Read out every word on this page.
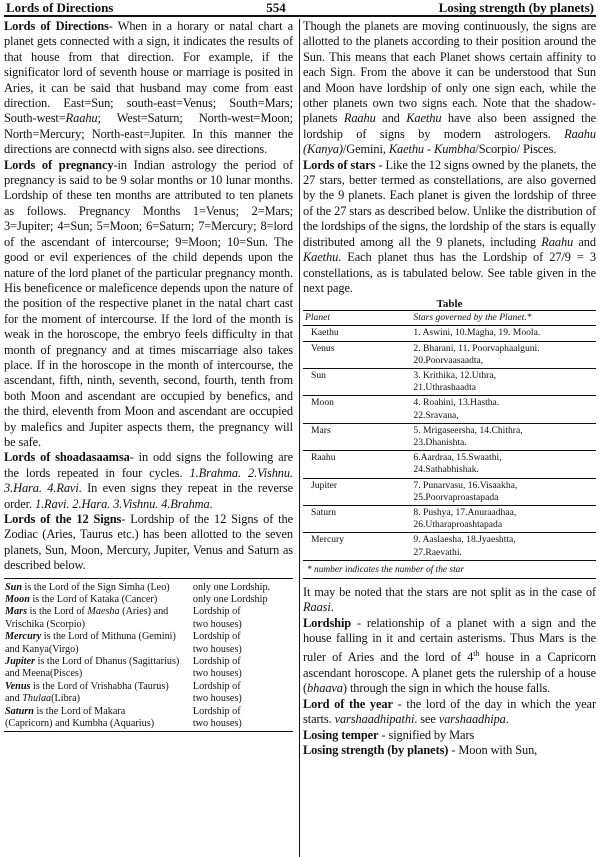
Lords of Directions	554	Losing strength (by planets)

Lords of Directions- When in a horary or natal chart a planet gets connected with a sign, it indicates the results of that house from that direction. For example, if the significator lord of seventh house or marriage is posited in Aries, it can be said that husband may come from east direction. East=Sun; south-east=Venus; South=Mars; South-west=Raahu; West=Saturn; North-west=Moon; North=Mercury; North-east=Jupiter. In this manner the directions are connectd with signs also. see directions.

Lords of pregnancy-in Indian astrology the period of pregnancy is said to be 9 solar months or 10 lunar months. Lordship of these ten months are attributed to ten planets as follows. Pregnancy Months 1=Venus; 2=Mars; 3=Jupiter; 4=Sun; 5=Moon; 6=Saturn; 7=Mercury; 8=lord of the ascendant of intercourse; 9=Moon; 10=Sun. The good or evil experiences of the child depends upon the nature of the lord planet of the particular pregnancy month. His beneficence or maleficence depends upon the nature of the position of the respective planet in the natal chart cast for the moment of intercourse. If the lord of the month is weak in the horoscope, the embryo feels difficulty in that month of pregnancy and at times miscarriage also takes place. If in the horoscope in the month of intercourse, the ascendant, fifth, ninth, seventh, second, fourth, tenth from both Moon and ascendant are occupied by benefics, and the third, eleventh from Moon and ascendant are occupied by malefics and Jupiter aspects them, the pregnancy will be safe.

Lords of shoadasaamsa- in odd signs the following are the lords repeated in four cycles. 1.Brahma. 2.Vishnu. 3.Hara. 4.Ravi. In even signs they repeat in the reverse order. 1.Ravi. 2.Hara. 3.Vishnu. 4.Brahma.

Lords of the 12 Signs- Lordship of the 12 Signs of the Zodiac (Aries, Taurus etc.) has been allotted to the seven planets, Sun, Moon, Mercury, Jupiter, Venus and Saturn as described below.

Sun is the Lord of the Sign Simha (Leo)	only one Lordship.
Moon is the Lord of Kataka (Cancer)	only one Lordship
Mars is the Lord of Maesha (Aries) and	Lordship of
Vrischika (Scorpio)	two houses)
Mercury is the Lord of Mithuna (Gemini)	Lordship of
and Kanya(Virgo)	two houses)
Jupiter is the Lord of Dhanus (Sagittarius)	Lordship of
and Meena(Pisces)	two houses)
Venus is the Lord of Vrishabha (Taurus)	Lordship of
and Thulaa(Libra)	two houses)
Saturn is the Lord of Makara	Lordship of
(Capricorn) and Kumbha (Aquarius)	two houses)

Though the planets are moving continuously, the signs are allotted to the planets according to their position around the Sun. This means that each Planet shows certain affinity to each Sign. From the above it can be understood that Sun and Moon have lordship of only one sign each, while the other planets own two signs each. Note that the shadow-planets Raahu and Kaethu have also been assigned the lordship of signs by modern astrologers. Raahu (Kanya)/Gemini, Kaethu - Kumbha/Scorpio/ Pisces.

Lords of stars - Like the 12 signs owned by the planets, the 27 stars, better termed as constellations, are also governed by the 9 planets. Each planet is given the lordship of three of the 27 stars as described below. Unlike the distribution of the lordships of the signs, the lordship of the stars is equally distributed among all the 9 planets, including Raahu and Kaethu. Each planet thus has the Lordship of 27/9 = 3 constellations, as is tabulated below. See table given in the next page.

Table
Planet	Stars governed by the Planet.*
Kaethu	1. Aswini, 10.Magha, 19. Moola.

Venus	2. Bharani, 11. Poorvaphaalguni.
20.Poorvaasaadta,

Sun	3. Krithika, 12.Uthra,
21.Uthrashaadta

Moon	4. Roahini, 13.Hastha.
22.Sravana,

Mars	5. Mrigaseersha, 14.Chithra,
23.Dhanishta.

Raahu	6.Aardraa, 15.Swaathi,
24.Sathabhishak.

Jupiter	7. Punarvasu, 16.Visaakha,
25.Poorvaproastapada

Saturn	8. Pushya, 17.Anuraadhaa,
26.Utharaproashtapada

Mercury	9. Aaslaesha, 18.Jyaeshtta,
27.Raevathi.
* number indicates the number of the star

It may be noted that the stars are not split as in the case of Raasi.

Lordship - relationship of a planet with a sign and the house falling in it and certain asterisms. Thus Mars is the ruler of Aries and the lord of 4th house in a Capricorn ascendant horoscope. A planet gets the rulership of a house (bhaava) through the sign in which the house falls.

Lord of the year - the lord of the day in which the year starts. varshaadhipathi. see varshaadhipa.

Losing temper - signified by Mars

Losing strength (by planets) - Moon with Sun,
